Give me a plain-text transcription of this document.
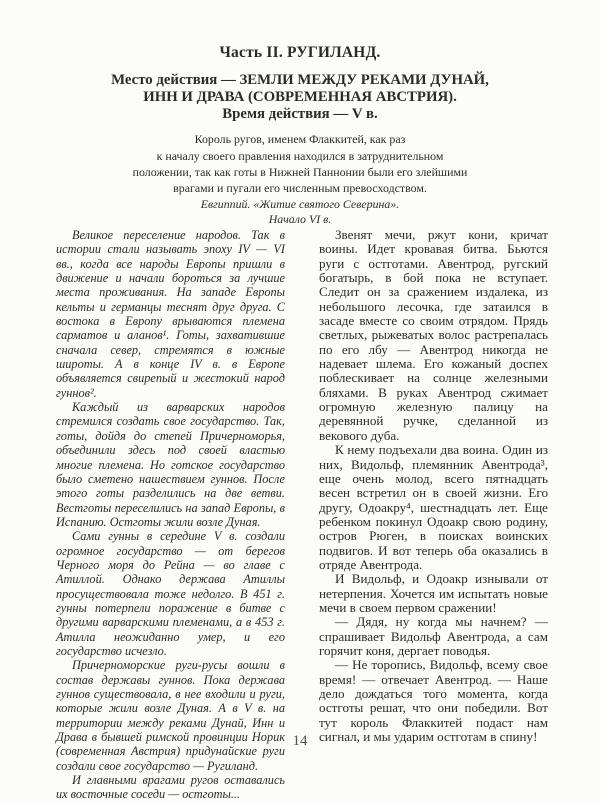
Часть II. РУГИЛАНД.
Место действия — ЗЕМЛИ МЕЖДУ РЕКАМИ ДУНАЙ,
ИНН И ДРАВА (СОВРЕМЕННАЯ АВСТРИЯ).
Время действия — V в.
Король ругов, именем Флаккитей, как раз
к началу своего правления находился в затруднительном
положении, так как готы в Нижней Паннонии были его злейшими
врагами и пугали его численным превосходством.
Евгиппий. «Житие святого Северина».
Начало VI в.

Великое переселение народов. Так в истории стали называть эпоху IV — VI вв., когда все народы Европы пришли в движение и начали бороться за лучшие места проживания. На западе Европы кельты и германцы теснят друг друга. С востока в Европу врываются племена сарматов и аланов¹. Готы, захватившие сначала север, стремятся в южные широты. А в конце IV в. в Европе объявляется свирепый и жестокий народ гуннов².

Каждый из варварских народов стремился создать свое государство. Так, готы, дойдя до степей Причерноморья, объединили здесь под своей властью многие племена. Но готское государство было сметено нашествием гуннов. После этого готы разделились на две ветви. Вестготы переселились на запад Европы, в Испанию. Остготы жили возле Дуная.

Сами гунны в середине V в. создали огромное государство — от берегов Черного моря до Рейна — во главе с Атиллой. Однако держава Атиллы просуществовала тоже недолго. В 451 г. гунны потерпели поражение в битве с другими варварскими племенами, а в 453 г. Атилла неожиданно умер, и его государство исчезло.

Причерноморские руги-русы вошли в состав державы гуннов. Пока держава гуннов существовала, в нее входили и руги, которые жили возле Дуная. А в V в. на территории между реками Дунай, Инн и Драва в бывшей римской провинции Норик (современная Австрия) придунайские руги создали свое государство — Ругиланд.

И главными врагами ругов оставались их восточные соседи — остготы...

Звенят мечи, ржут кони, кричат воины. Идет кровавая битва. Бьются руги с остготами. Авентрод, ругский богатырь, в бой пока не вступает. Следит он за сражением издалека, из небольшого лесочка, где затаился в засаде вместе со своим отрядом. Прядь светлых, рыжеватых волос растрепалась по его лбу — Авентрод никогда не надевает шлема. Его кожаный доспех поблескивает на солнце железными бляхами. В руках Авентрод сжимает огромную железную палицу на деревянной ручке, сделанной из векового дуба.

К нему подъехали два воина. Один из них, Видольф, племянник Авентрода³, еще очень молод, всего пятнадцать весен встретил он в своей жизни. Его другу, Одоакру⁴, шестнадцать лет. Еще ребенком покинул Одоакр свою родину, остров Рюген, в поисках воинских подвигов. И вот теперь оба оказались в отряде Авентрода.

И Видольф, и Одоакр изнывали от нетерпения. Хочется им испытать новые мечи в своем первом сражении!

— Дядя, ну когда мы начнем? — спрашивает Видольф Авентрода, а сам горячит коня, дергает поводья.

— Не торопись, Видольф, всему свое время! — отвечает Авентрод. — Наше дело дождаться того момента, когда остготы решат, что они победили. Вот тут король Флаккитей подаст нам сигнал, и мы ударим остготам в спину!

14
